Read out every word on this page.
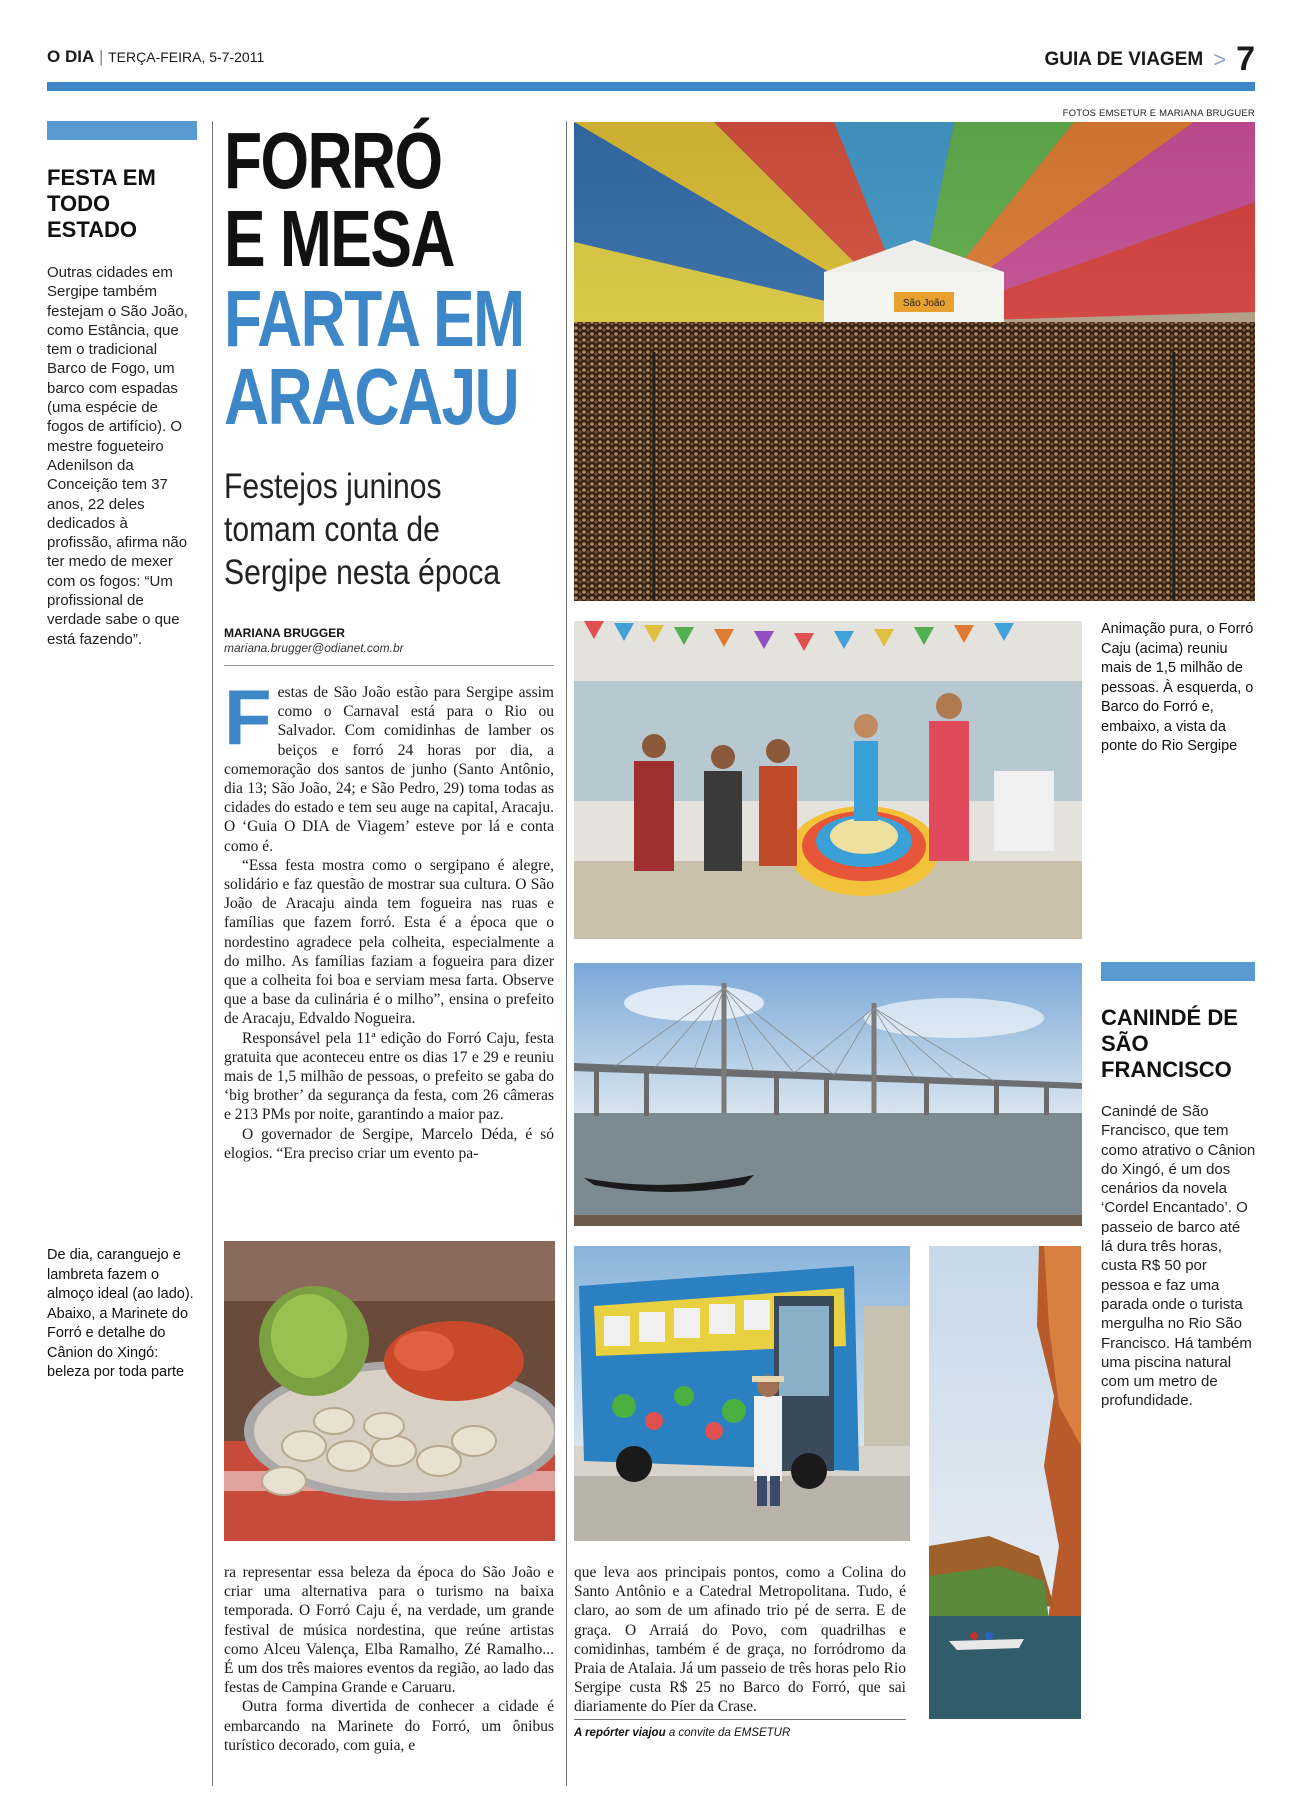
O DIA | TERÇA-FEIRA, 5-7-2011	GUIA DE VIAGEM > 7
FESTA EM TODO ESTADO
Outras cidades em Sergipe também festejam o São João, como Estância, que tem o tradicional Barco de Fogo, um barco com espadas (uma espécie de fogos de artifício). O mestre fogueteiro Adenilson da Conceição tem 37 anos, 22 deles dedicados à profissão, afirma não ter medo de mexer com os fogos: “Um profissional de verdade sabe o que está fazendo”.
De dia, caranguejo e lambreta fazem o almoço ideal (ao lado). Abaixo, a Marinete do Forró e detalhe do Cânion do Xingó: beleza por toda parte
FORRÓ
E MESA
FARTA EM
ARACAJU
Festejos juninos
tomam conta de
Sergipe nesta época
MARIANA BRUGGER
mariana.brugger@odianet.com.br

Festas de São João estão para Sergipe assim como o Carnaval está para o Rio ou Salvador. Com comidinhas de lamber os beiços e forró 24 horas por dia, a comemoração dos santos de junho (Santo Antônio, dia 13; São João, 24; e São Pedro, 29) toma todas as cidades do estado e tem seu auge na capital, Aracaju. O ‘Guia O DIA de Viagem’ esteve por lá e conta como é.

“Essa festa mostra como o sergipano é alegre, solidário e faz questão de mostrar sua cultura. O São João de Aracaju ainda tem fogueira nas ruas e famílias que fazem forró. Esta é a época que o nordestino agradece pela colheita, especialmente a do milho. As famílias faziam a fogueira para dizer que a colheita foi boa e serviam mesa farta. Observe que a base da culinária é o milho”, ensina o prefeito de Aracaju, Edvaldo Nogueira.

Responsável pela 11ª edição do Forró Caju, festa gratuita que aconteceu entre os dias 17 e 29 e reuniu mais de 1,5 milhão de pessoas, o prefeito se gaba do ‘big brother’ da segurança da festa, com 26 câmeras e 213 PMs por noite, garantindo a maior paz.

O governador de Sergipe, Marcelo Déda, é só elogios. “Era preciso criar um evento pa-

ra representar essa beleza da época do São João e criar uma alternativa para o turismo na baixa temporada. O Forró Caju é, na verdade, um grande festival de música nordestina, que reúne artistas como Alceu Valença, Elba Ramalho, Zé Ramalho... É um dos três maiores eventos da região, ao lado das festas de Campina Grande e Caruaru.

Outra forma divertida de conhecer a cidade é embarcando na Marinete do Forró, um ônibus turístico decorado, com guia, e

que leva aos principais pontos, como a Colina do Santo Antônio e a Catedral Metropolitana. Tudo, é claro, ao som de um afinado trio pé de serra. E de graça. O Arraiá do Povo, com quadrilhas e comidinhas, também é de graça, no forródromo da Praia de Atalaia. Já um passeio de três horas pelo Rio Sergipe custa R$ 25 no Barco do Forró, que sai diariamente do Píer da Crase.

A repórter viajou a convite da EMSETUR
FOTOS EMSETUR E MARIANA BRUGUER
São João
Animação pura, o Forró Caju (acima) reuniu mais de 1,5 milhão de pessoas. À esquerda, o Barco do Forró e, embaixo, a vista da ponte do Rio Sergipe
CANINDÉ DE SÃO FRANCISCO
Canindé de São Francisco, que tem como atrativo o Cânion do Xingó, é um dos cenários da novela ‘Cordel Encantado’. O passeio de barco até lá dura três horas, custa R$ 50 por pessoa e faz uma parada onde o turista mergulha no Rio São Francisco. Há também uma piscina natural com um metro de profundidade.
